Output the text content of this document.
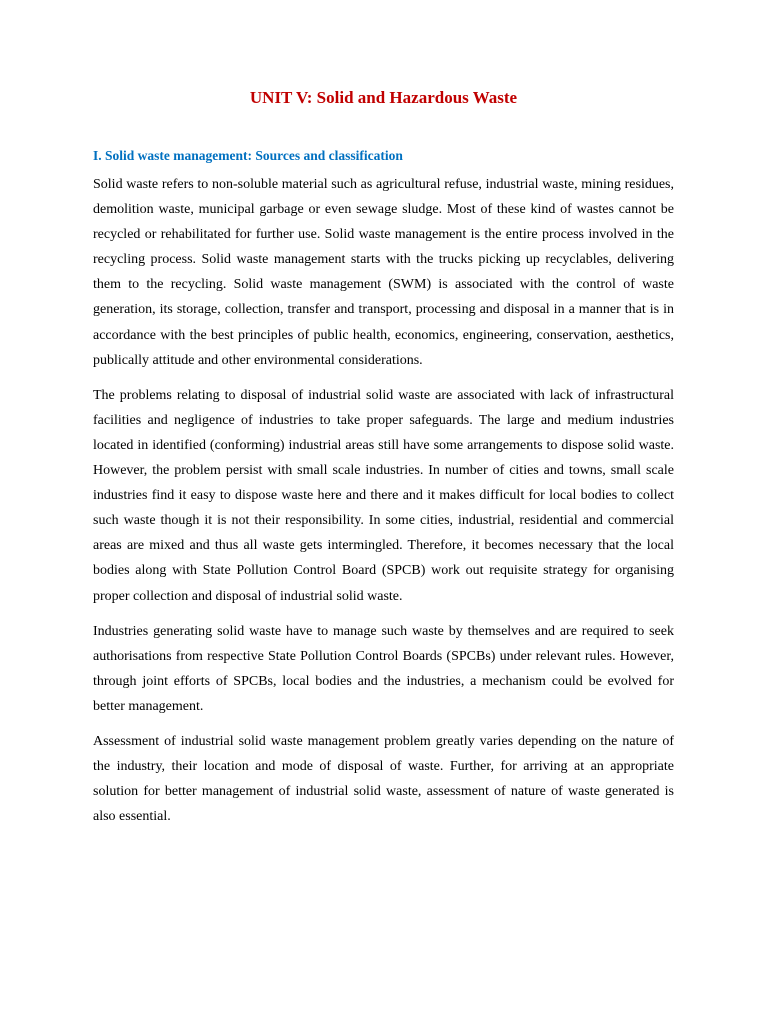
UNIT V: Solid and Hazardous Waste
I. Solid waste management: Sources and classification

Solid waste refers to non-soluble material such as agricultural refuse, industrial waste, mining residues, demolition waste, municipal garbage or even sewage sludge. Most of these kind of wastes cannot be recycled or rehabilitated for further use. Solid waste management is the entire process involved in the recycling process. Solid waste management starts with the trucks picking up recyclables, delivering them to the recycling. Solid waste management (SWM) is associated with the control of waste generation, its storage, collection, transfer and transport, processing and disposal in a manner that is in accordance with the best principles of public health, economics, engineering, conservation, aesthetics, publically attitude and other environmental considerations.

The problems relating to disposal of industrial solid waste are associated with lack of infrastructural facilities and negligence of industries to take proper safeguards. The large and medium industries located in identified (conforming) industrial areas still have some arrangements to dispose solid waste. However, the problem persist with small scale industries. In number of cities and towns, small scale industries find it easy to dispose waste here and there and it makes difficult for local bodies to collect such waste though it is not their responsibility. In some cities, industrial, residential and commercial areas are mixed and thus all waste gets intermingled. Therefore, it becomes necessary that the local bodies along with State Pollution Control Board (SPCB) work out requisite strategy for organising proper collection and disposal of industrial solid waste.

Industries generating solid waste have to manage such waste by themselves and are required to seek authorisations from respective State Pollution Control Boards (SPCBs) under relevant rules. However, through joint efforts of SPCBs, local bodies and the industries, a mechanism could be evolved for better management.

Assessment of industrial solid waste management problem greatly varies depending on the nature of the industry, their location and mode of disposal of waste. Further, for arriving at an appropriate solution for better management of industrial solid waste, assessment of nature of waste generated is also essential.
